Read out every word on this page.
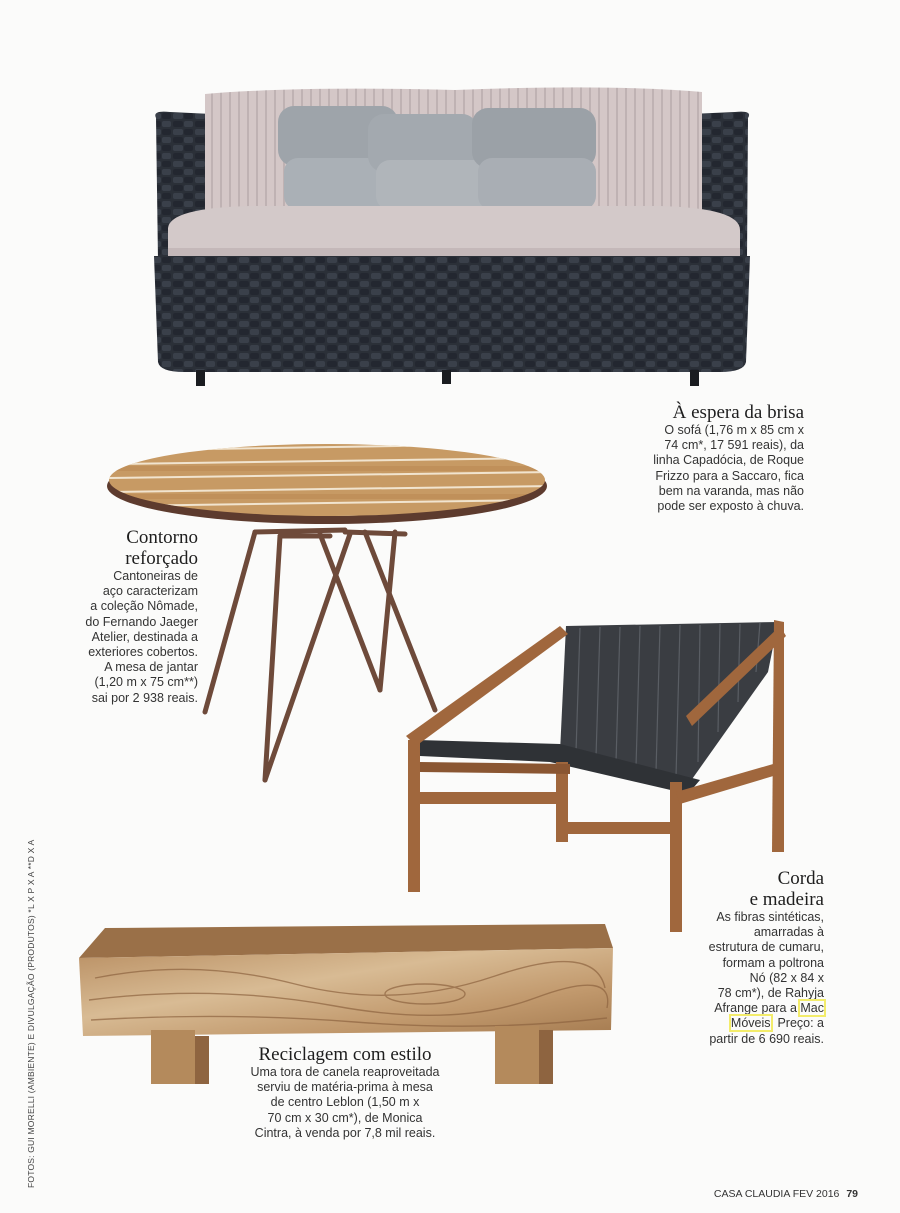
À espera da brisa
O sofá (1,76 m x 85 cm x
74 cm*, 17 591 reais), da
linha Capadócia, de Roque
Frizzo para a Saccaro, fica
bem na varanda, mas não
pode ser exposto à chuva.
Contorno
reforçado
Cantoneiras de
aço caracterizam
a coleção Nômade,
do Fernando Jaeger
Atelier, destinada a
exteriores cobertos.
A mesa de jantar
(1,20 m x 75 cm**)
sai por 2 938 reais.
Corda
e madeira
As fibras sintéticas,
amarradas à
estrutura de cumaru,
formam a poltrona
Nó (82 x 84 x
78 cm*), de Rahyja
Afrange para a Mac
Móveis. Preço: a
partir de 6 690 reais.
Reciclagem com estilo
Uma tora de canela reaproveitada
serviu de matéria-prima à mesa
de centro Leblon (1,50 m x
70 cm x 30 cm*), de Monica
Cintra, à venda por 7,8 mil reais.
FOTOS: GUI MORELLI (AMBIENTE) E DIVULGAÇÃO (PRODUTOS) *L X P X A **D X A
CASA CLAUDIA FEV 2016 79
